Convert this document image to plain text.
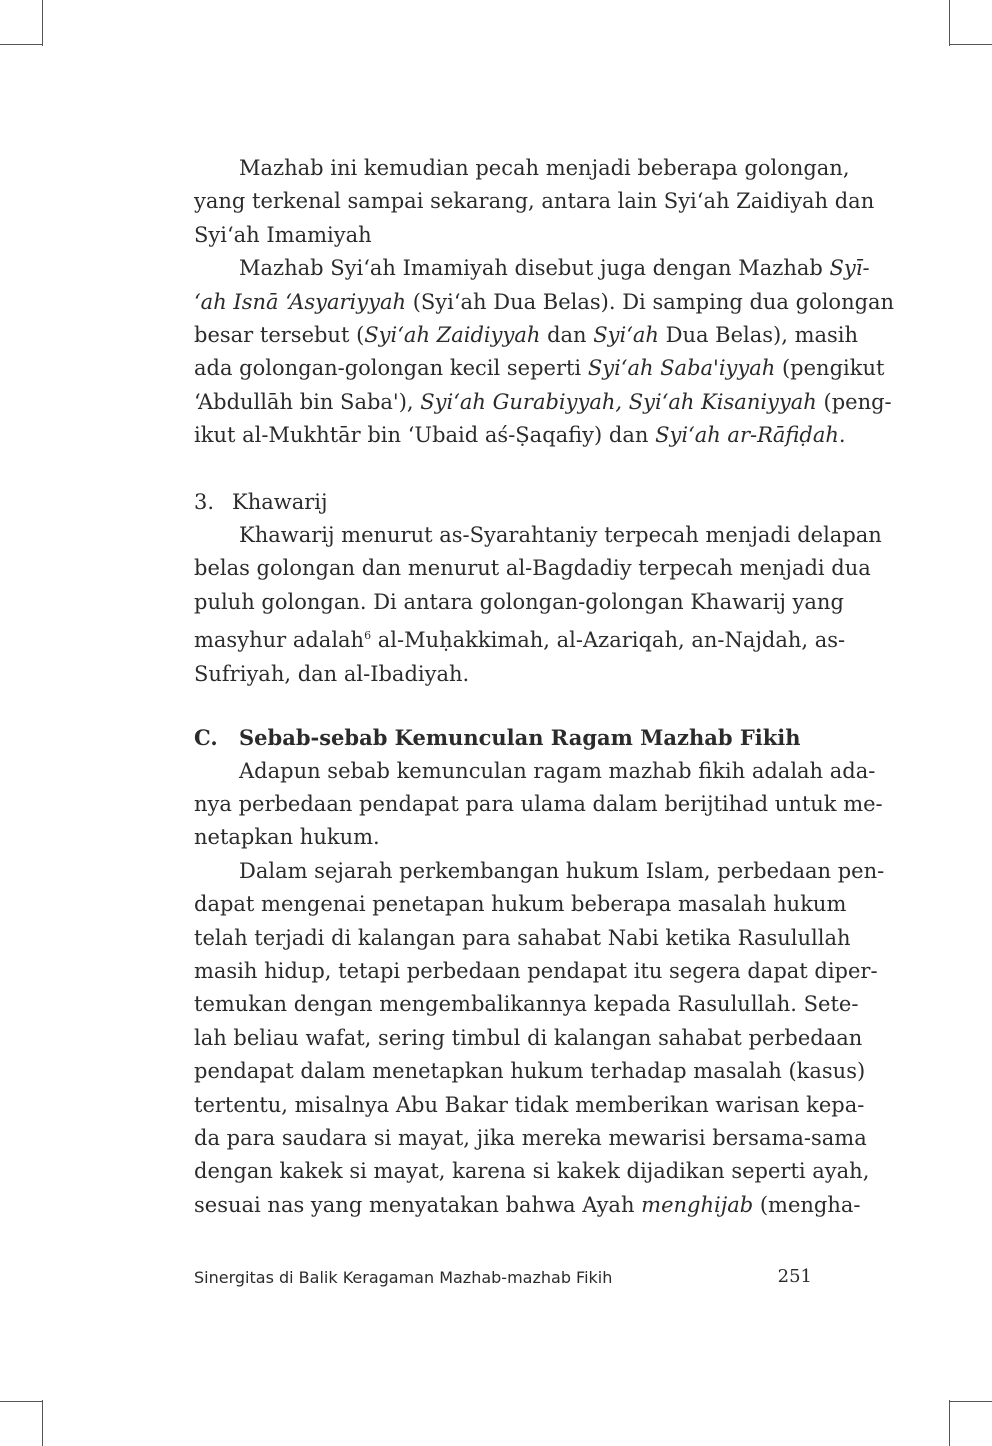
Mazhab ini kemudian pecah menjadi beberapa golongan,
yang terkenal sampai sekarang, antara lain Syiʻah Zaidiyah dan
Syiʻah Imamiyah
Mazhab Syiʻah Imamiyah disebut juga dengan Mazhab Syī-
ʻah Isnā ʻAsyariyyah (Syiʻah Dua Belas). Di samping dua golongan
besar tersebut (Syiʻah Zaidiyyah dan Syiʻah Dua Belas), masih
ada golongan-golongan kecil seperti Syiʻah Saba'iyyah (pengikut
ʻAbdullāh bin Saba'), Syiʻah Gurabiyyah, Syiʻah Kisaniyyah (peng-
ikut al-Mukhtār bin ʻUbaid aś-Ṣaqafiy) dan Syiʻah ar-Rāfiḍah.
3. Khawarij
Khawarij menurut as-Syarahtaniy terpecah menjadi delapan
belas golongan dan menurut al-Bagdadiy terpecah menjadi dua
puluh golongan. Di antara golongan-golongan Khawarij yang
masyhur adalah$^6$ al-Muḥakkimah, al-Azariqah, an-Najdah, as-
Sufriyah, dan al-Ibadiyah.
C. Sebab-sebab Kemunculan Ragam Mazhab Fikih
Adapun sebab kemunculan ragam mazhab fikih adalah ada-
nya perbedaan pendapat para ulama dalam berijtihad untuk me-
netapkan hukum.
Dalam sejarah perkembangan hukum Islam, perbedaan pen-
dapat mengenai penetapan hukum beberapa masalah hukum
telah terjadi di kalangan para sahabat Nabi ketika Rasulullah
masih hidup, tetapi perbedaan pendapat itu segera dapat diper-
temukan dengan mengembalikannya kepada Rasulullah. Sete-
lah beliau wafat, sering timbul di kalangan sahabat perbedaan
pendapat dalam menetapkan hukum terhadap masalah (kasus)
tertentu, misalnya Abu Bakar tidak memberikan warisan kepa-
da para saudara si mayat, jika mereka mewarisi bersama-sama
dengan kakek si mayat, karena si kakek dijadikan seperti ayah,
sesuai nas yang menyatakan bahwa Ayah menghijab (mengha-
Sinergitas di Balik Keragaman Mazhab-mazhab Fikih	251
